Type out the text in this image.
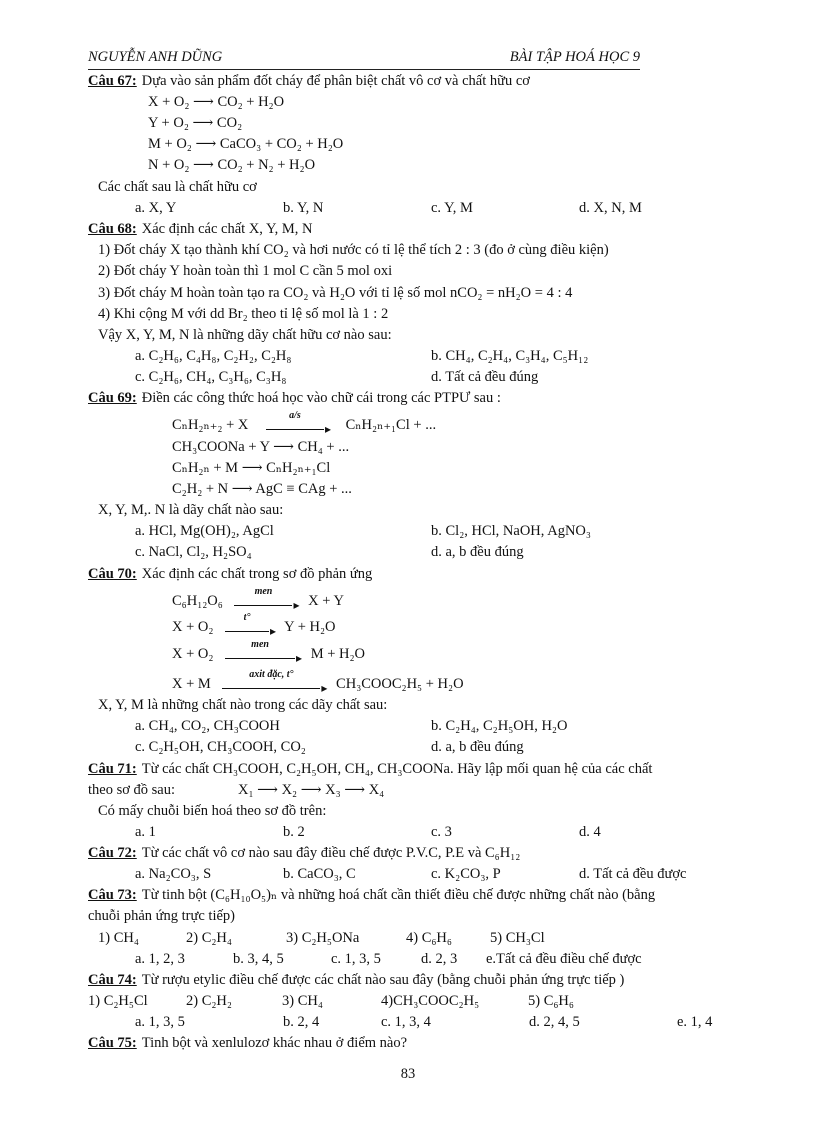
NGUYỄN ANH DŨNG	BÀI TẬP HOÁ HỌC 9
Câu 67: Dựa vào sản phẩm đốt cháy để phân biệt chất vô cơ và chất hữu cơ
X + O₂ ⟶ CO₂ + H₂O
Y + O₂ ⟶ CO₂
M + O₂ ⟶ CaCO₃ + CO₂ + H₂O
N + O₂ ⟶ CO₂ + N₂ + H₂O
Các chất sau là chất hữu cơ
a. X, Y	b. Y, N	c. Y, M	d. X, N, M
Câu 68: Xác định các chất X, Y, M, N
1) Đốt cháy X tạo thành khí CO₂ và hơi nước có tỉ lệ thể tích 2 : 3 (đo ở cùng điều kiện)
2) Đốt cháy Y hoàn toàn thì 1 mol C cần 5 mol oxi
3) Đốt cháy M hoàn toàn tạo ra CO₂ và H₂O với tỉ lệ số mol nCO₂ = nH₂O = 4 : 4
4) Khi cộng M với dd Br₂ theo tỉ lệ số mol là 1 : 2
Vậy X, Y, M, N là những dãy chất hữu cơ nào sau:
a. C₂H₆, C₄H₈, C₂H₂, C₂H₈	b. CH₄, C₂H₄, C₃H₄, C₅H₁₂
c. C₂H₆, CH₄, C₃H₆, C₃H₈	d. Tất cả đều đúng
Câu 69: Điền các công thức hoá học vào chữ cái trong các PTPƯ sau :
CₙH₂ₙ₊₂ + X
a/s
▸ CₙH₂ₙ₊₁Cl + ...
CH₃COONa + Y ⟶ CH₄ + ...
CₙH₂ₙ + M ⟶ CₙH₂ₙ₊₁Cl
C₂H₂ + N ⟶ AgC ≡ CAg + ...
X, Y, M,. N là dãy chất nào sau:
a. HCl, Mg(OH)₂, AgCl	b. Cl₂, HCl, NaOH, AgNO₃
c. NaCl, Cl₂, H₂SO₄	d. a, b đều đúng
Câu 70: Xác định các chất trong sơ đồ phản ứng
C₆H₁₂O₆
men
▸ X + Y
X + O₂
t°
▸ Y + H₂O
X + O₂
men
▸ M + H₂O
X + M
axit đặc, t°
▸ CH₃COOC₂H₅ + H₂O
X, Y, M là những chất nào trong các dãy chất sau:
a. CH₄, CO₂, CH₃COOH	b. C₂H₄, C₂H₅OH, H₂O
c. C₂H₅OH, CH₃COOH, CO₂	d. a, b đều đúng
Câu 71: Từ các chất CH₃COOH, C₂H₅OH, CH₄, CH₃COONa. Hãy lập mối quan hệ của các chất
theo sơ đồ sau:	X₁ ⟶ X₂ ⟶ X₃ ⟶ X₄
Có mấy chuỗi biến hoá theo sơ đồ trên:
a. 1	b. 2	c. 3	d. 4
Câu 72: Từ các chất vô cơ nào sau đây điều chế được P.V.C, P.E và C₆H₁₂
a. Na₂CO₃, S	b. CaCO₃, C	c. K₂CO₃, P	d. Tất cả đều được
Câu 73: Từ tinh bột (C₆H₁₀O₅)ₙ và những hoá chất cần thiết điều chế được những chất nào (bằng
chuỗi phản ứng trực tiếp)
1) CH₄	2) C₂H₄	3) C₂H₅ONa	4) C₆H₆	5) CH₃Cl
a. 1, 2, 3	b. 3, 4, 5	c. 1, 3, 5	d. 2, 3 e.Tất cả đều điều chế được
Câu 74: Từ rượu etylic điều chế được các chất nào sau đây (bằng chuỗi phản ứng trực tiếp )
1) C₂H₅Cl	2) C₂H₂	3) CH₄	4)CH₃COOC₂H₅	5) C₆H₆
a. 1, 3, 5	b. 2, 4	c. 1, 3, 4	d. 2, 4, 5	e. 1, 4
Câu 75: Tinh bột và xenlulozơ khác nhau ở điểm nào?
83
